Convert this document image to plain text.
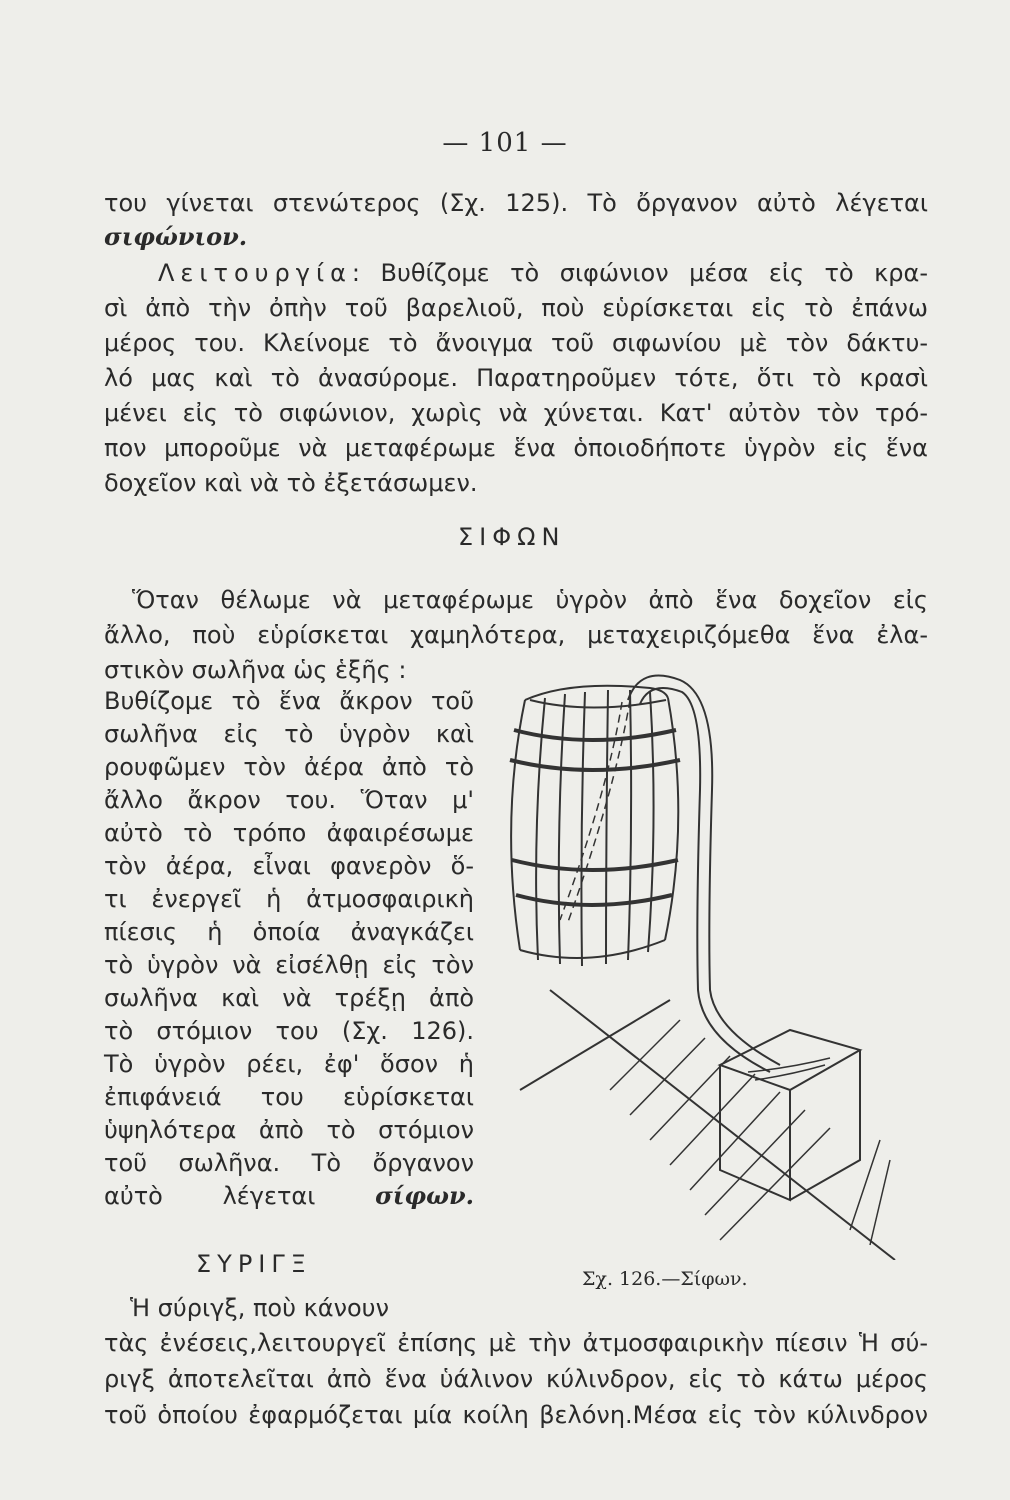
— 101 —
του γίνεται στενώτερος (Σχ. 125). Τὸ ὄργανον αὐτὸ λέγεται
σιφώνιον.
Λειτουργία: Βυθίζομε τὸ σιφώνιον μέσα εἰς τὸ κρα-
σὶ ἀπὸ τὴν ὀπὴν τοῦ βαρελιοῦ, ποὺ εὑρίσκεται εἰς τὸ ἐπάνω
μέρος του. Κλείνομε τὸ ἄνοιγμα τοῦ σιφωνίου μὲ τὸν δάκτυ-
λό μας καὶ τὸ ἀνασύρομε. Παρατηροῦμεν τότε, ὅτι τὸ κρασὶ
μένει εἰς τὸ σιφώνιον, χωρὶς νὰ χύνεται. Κατ' αὐτὸν τὸν τρό-
πον μποροῦμε νὰ μεταφέρωμε ἕνα ὁποιοδήποτε ὑγρὸν εἰς ἕνα
δοχεῖον καὶ νὰ τὸ ἐξετάσωμεν.
ΣΙΦΩΝ
Ὅταν θέλωμε νὰ μεταφέρωμε ὑγρὸν ἀπὸ ἕνα δοχεῖον εἰς
ἄλλο, ποὺ εὑρίσκεται χαμηλότερα, μεταχειριζόμεθα ἕνα ἐλα-
στικὸν σωλῆνα ὡς ἑξῆς :
Βυθίζομε τὸ ἕνα ἄκρον τοῦ
σωλῆνα εἰς τὸ ὑγρὸν καὶ
ρουφῶμεν τὸν ἀέρα ἀπὸ τὸ
ἄλλο ἄκρον του. Ὅταν μ'
αὐτὸ τὸ τρόπο ἀφαιρέσωμε
τὸν ἀέρα, εἶναι φανερὸν ὅ-
τι ἐνεργεῖ ἡ ἀτμοσφαιρικὴ
πίεσις ἡ ὁποία ἀναγκάζει
τὸ ὑγρὸν νὰ εἰσέλθῃ εἰς τὸν
σωλῆνα καὶ νὰ τρέξῃ ἀπὸ
τὸ στόμιον του (Σχ. 126).
Τὸ ὑγρὸν ρέει, ἐφ' ὅσον ἡ
ἐπιφάνειά του εὑρίσκεται
ὑψηλότερα ἀπὸ τὸ στόμιον
τοῦ σωλῆνα. Τὸ ὄργανον
αὐτὸ λέγεται σίφων.
Σχ. 126.—Σίφων.
ΣΥΡΙΓΞ
Ἡ σύριγξ, ποὺ κάνουν
τὰς ἐνέσεις,λειτουργεῖ ἐπίσης μὲ τὴν ἀτμοσφαιρικὴν πίεσιν Ἡ σύ-
ριγξ ἀποτελεῖται ἀπὸ ἕνα ὑάλινον κύλινδρον, εἰς τὸ κάτω μέρος
τοῦ ὁποίου ἐφαρμόζεται μία κοίλη βελόνη.Μέσα εἰς τὸν κύλινδρον
